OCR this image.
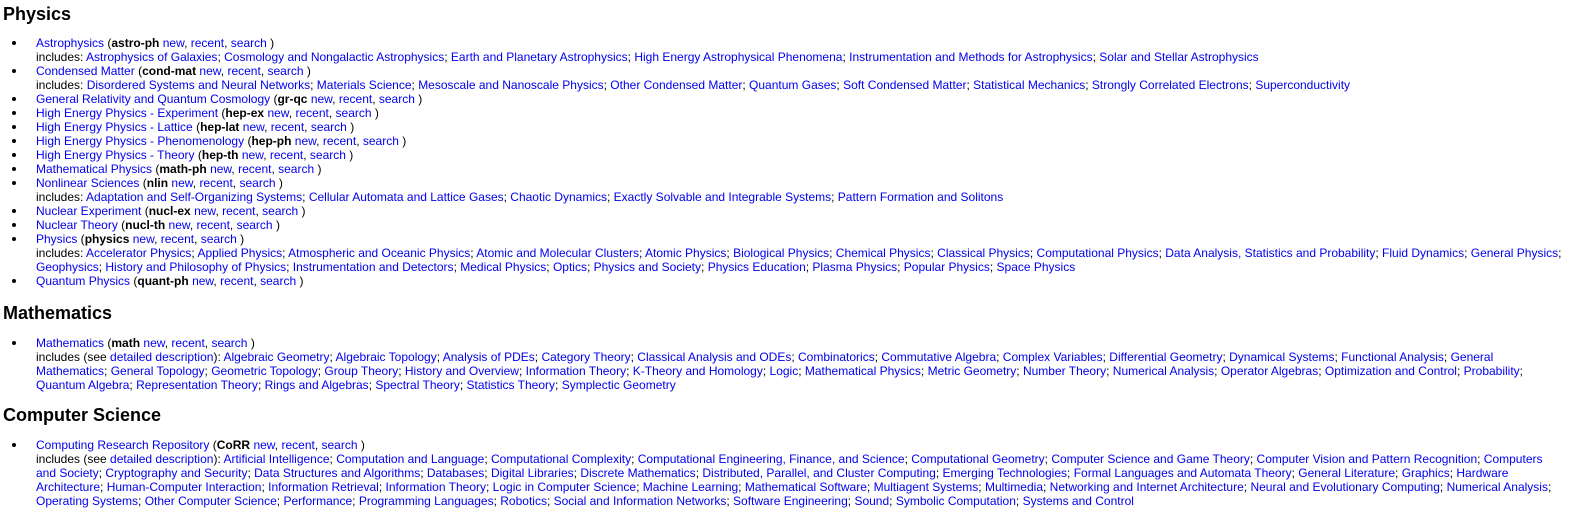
Physics
Astrophysics (astro-ph new, recent, search )
includes: Astrophysics of Galaxies; Cosmology and Nongalactic Astrophysics; Earth and Planetary Astrophysics; High Energy Astrophysical Phenomena; Instrumentation and Methods for Astrophysics; Solar and Stellar Astrophysics
Condensed Matter (cond-mat new, recent, search )
includes: Disordered Systems and Neural Networks; Materials Science; Mesoscale and Nanoscale Physics; Other Condensed Matter; Quantum Gases; Soft Condensed Matter; Statistical Mechanics; Strongly Correlated Electrons; Superconductivity
General Relativity and Quantum Cosmology (gr-qc new, recent, search )
High Energy Physics - Experiment (hep-ex new, recent, search )
High Energy Physics - Lattice (hep-lat new, recent, search )
High Energy Physics - Phenomenology (hep-ph new, recent, search )
High Energy Physics - Theory (hep-th new, recent, search )
Mathematical Physics (math-ph new, recent, search )
Nonlinear Sciences (nlin new, recent, search )
includes: Adaptation and Self-Organizing Systems; Cellular Automata and Lattice Gases; Chaotic Dynamics; Exactly Solvable and Integrable Systems; Pattern Formation and Solitons
Nuclear Experiment (nucl-ex new, recent, search )
Nuclear Theory (nucl-th new, recent, search )
Physics (physics new, recent, search )
includes: Accelerator Physics; Applied Physics; Atmospheric and Oceanic Physics; Atomic and Molecular Clusters; Atomic Physics; Biological Physics; Chemical Physics; Classical Physics; Computational Physics; Data Analysis, Statistics and Probability; Fluid Dynamics; General Physics; Geophysics; History and Philosophy of Physics; Instrumentation and Detectors; Medical Physics; Optics; Physics and Society; Physics Education; Plasma Physics; Popular Physics; Space Physics
Quantum Physics (quant-ph new, recent, search )
Mathematics
Mathematics (math new, recent, search )
includes (see detailed description): Algebraic Geometry; Algebraic Topology; Analysis of PDEs; Category Theory; Classical Analysis and ODEs; Combinatorics; Commutative Algebra; Complex Variables; Differential Geometry; Dynamical Systems; Functional Analysis; General Mathematics; General Topology; Geometric Topology; Group Theory; History and Overview; Information Theory; K-Theory and Homology; Logic; Mathematical Physics; Metric Geometry; Number Theory; Numerical Analysis; Operator Algebras; Optimization and Control; Probability; Quantum Algebra; Representation Theory; Rings and Algebras; Spectral Theory; Statistics Theory; Symplectic Geometry
Computer Science
Computing Research Repository (CoRR new, recent, search )
includes (see detailed description): Artificial Intelligence; Computation and Language; Computational Complexity; Computational Engineering, Finance, and Science; Computational Geometry; Computer Science and Game Theory; Computer Vision and Pattern Recognition; Computers and Society; Cryptography and Security; Data Structures and Algorithms; Databases; Digital Libraries; Discrete Mathematics; Distributed, Parallel, and Cluster Computing; Emerging Technologies; Formal Languages and Automata Theory; General Literature; Graphics; Hardware Architecture; Human-Computer Interaction; Information Retrieval; Information Theory; Logic in Computer Science; Machine Learning; Mathematical Software; Multiagent Systems; Multimedia; Networking and Internet Architecture; Neural and Evolutionary Computing; Numerical Analysis; Operating Systems; Other Computer Science; Performance; Programming Languages; Robotics; Social and Information Networks; Software Engineering; Sound; Symbolic Computation; Systems and Control
